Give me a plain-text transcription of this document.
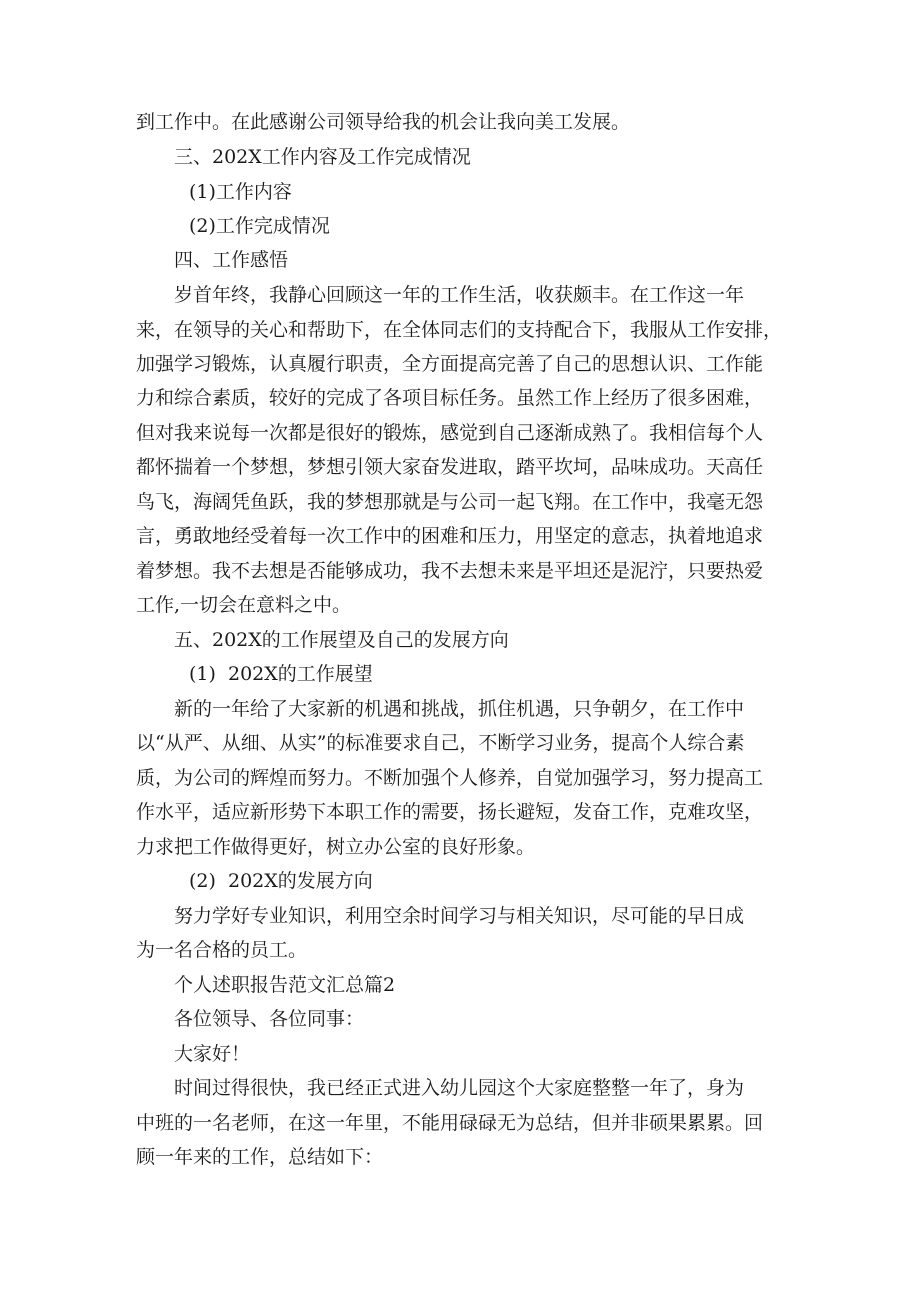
到工作中。在此感谢公司领导给我的机会让我向美工发展。

三、202X工作内容及工作完成情况

(1)工作内容

(2)工作完成情况

四、工作感悟

岁首年终，我静心回顾这一年的工作生活，收获颇丰。在工作这一年

来，在领导的关心和帮助下，在全体同志们的支持配合下，我服从工作安排，

加强学习锻炼，认真履行职责，全方面提高完善了自己的思想认识、工作能

力和综合素质，较好的完成了各项目标任务。虽然工作上经历了很多困难，

但对我来说每一次都是很好的锻炼，感觉到自己逐渐成熟了。我相信每个人

都怀揣着一个梦想，梦想引领大家奋发进取，踏平坎坷，品味成功。天高任

鸟飞，海阔凭鱼跃，我的梦想那就是与公司一起飞翔。在工作中，我毫无怨

言，勇敢地经受着每一次工作中的困难和压力，用坚定的意志，执着地追求

着梦想。我不去想是否能够成功，我不去想未来是平坦还是泥泞，只要热爱

工作,一切会在意料之中。

五、202X的工作展望及自己的发展方向

(1)  202X的工作展望

新的一年给了大家新的机遇和挑战，抓住机遇，只争朝夕，在工作中

以“从严、从细、从实”的标准要求自己，不断学习业务，提高个人综合素

质，为公司的辉煌而努力。不断加强个人修养，自觉加强学习，努力提高工

作水平，适应新形势下本职工作的需要，扬长避短，发奋工作，克难攻坚，

力求把工作做得更好，树立办公室的良好形象。

(2)  202X的发展方向

努力学好专业知识，利用空余时间学习与相关知识，尽可能的早日成

为一名合格的员工。

个人述职报告范文汇总篇2

各位领导、各位同事：

大家好！

时间过得很快，我已经正式进入幼儿园这个大家庭整整一年了，身为

中班的一名老师，在这一年里，不能用碌碌无为总结，但并非硕果累累。回

顾一年来的工作，总结如下：
